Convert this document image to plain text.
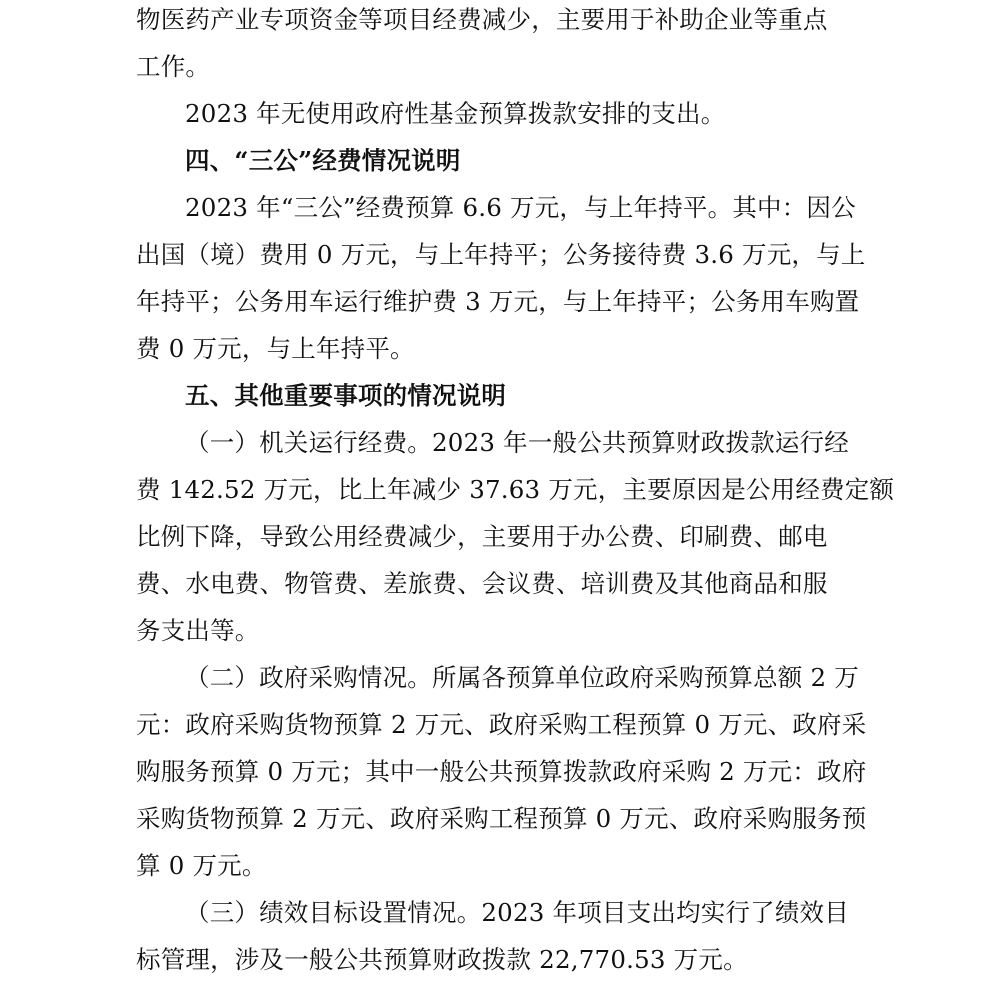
物医药产业专项资金等项目经费减少，主要用于补助企业等重点
工作。
2023 年无使用政府性基金预算拨款安排的支出。
四、“三公”经费情况说明
2023 年“三公”经费预算 6.6 万元，与上年持平。其中：因公
出国（境）费用 0 万元，与上年持平；公务接待费 3.6 万元，与上
年持平；公务用车运行维护费 3 万元，与上年持平；公务用车购置
费 0 万元，与上年持平。
五、其他重要事项的情况说明
（一）机关运行经费。2023 年一般公共预算财政拨款运行经
费 142.52 万元，比上年减少 37.63 万元，主要原因是公用经费定额
比例下降，导致公用经费减少，主要用于办公费、印刷费、邮电
费、水电费、物管费、差旅费、会议费、培训费及其他商品和服
务支出等。
（二）政府采购情况。所属各预算单位政府采购预算总额 2 万
元：政府采购货物预算 2 万元、政府采购工程预算 0 万元、政府采
购服务预算 0 万元；其中一般公共预算拨款政府采购 2 万元：政府
采购货物预算 2 万元、政府采购工程预算 0 万元、政府采购服务预
算 0 万元。
（三）绩效目标设置情况。2023 年项目支出均实行了绩效目
标管理，涉及一般公共预算财政拨款 22,770.53 万元。
